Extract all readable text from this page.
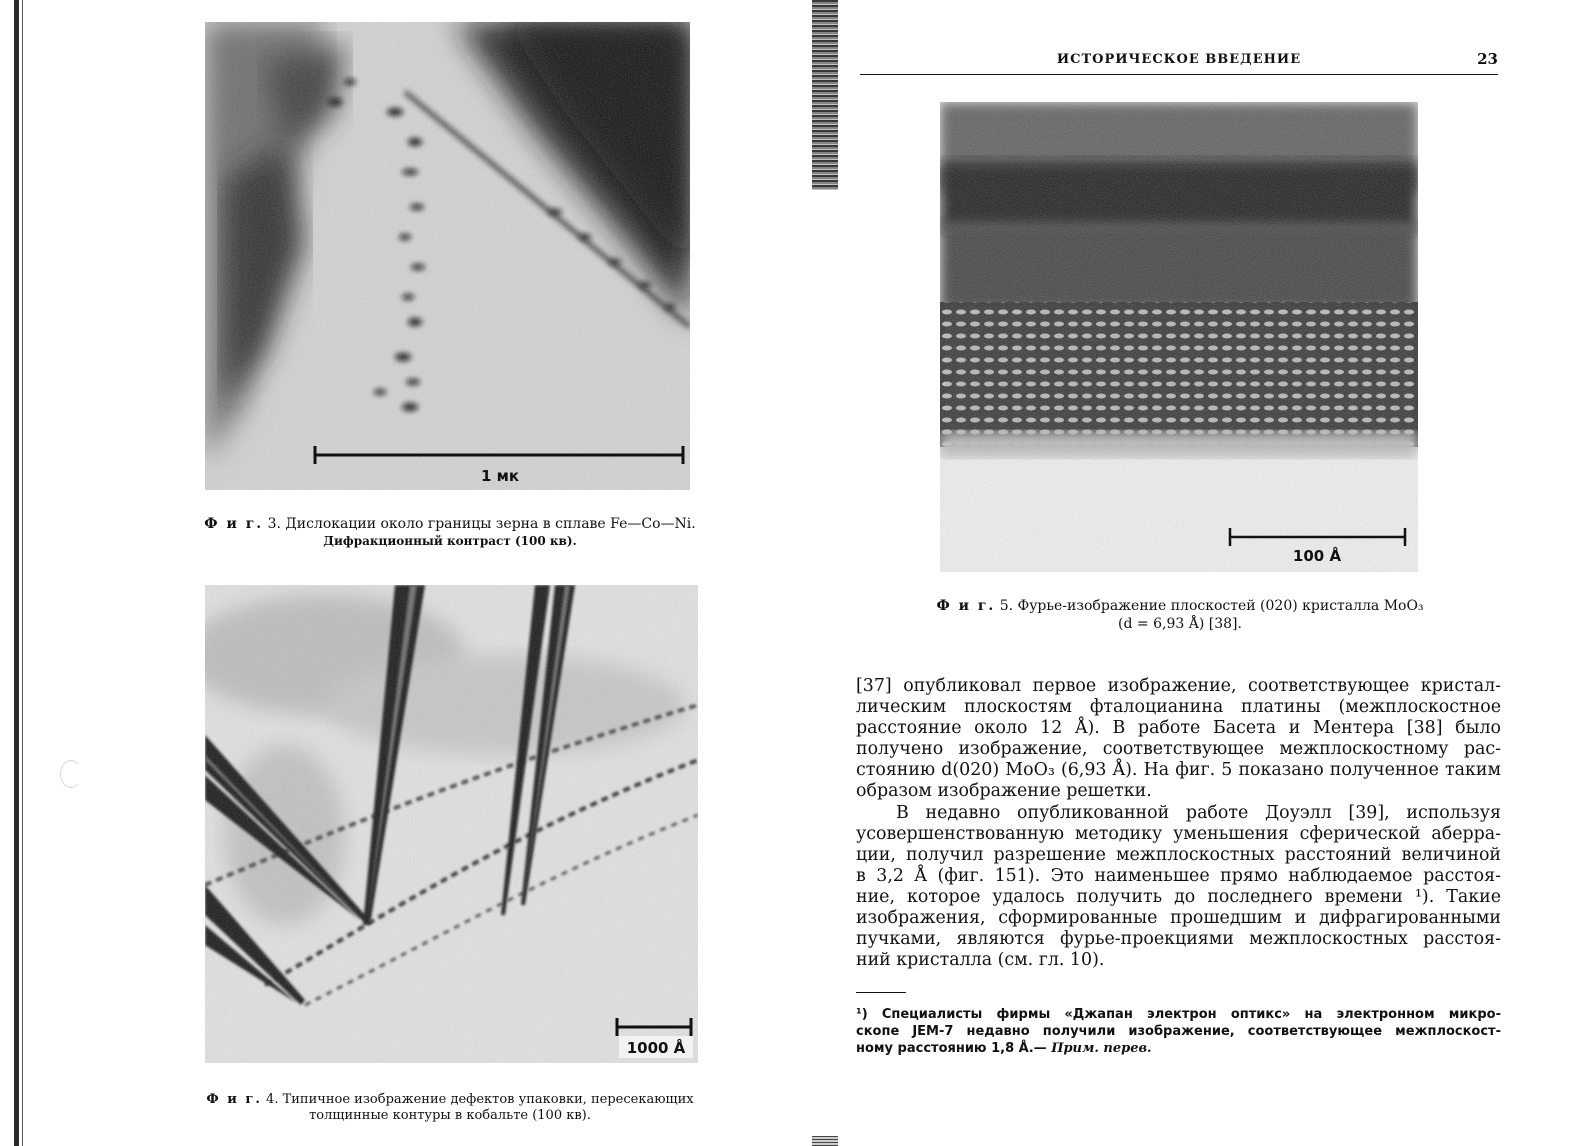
1 мк
Ф и г. 3. Дислокации около границы зерна в сплаве Fe—Co—Ni.
Дифракционный контраст (100 кв).
1000 Å
Ф и г. 4. Типичное изображение дефектов упаковки, пересекающих
толщинные контуры в кобальте (100 кв).
ИСТОРИЧЕСКОЕ ВВЕДЕНИЕ	23
100 Å
Ф и г. 5. Фурье-изображение плоскостей (020) кристалла MoO₃
(d = 6,93 Å) [38].

[37] опубликовал первое изображение, соответствующее кристал-
лическим плоскостям фталоцианина платины (межплоскостное
расстояние около 12 Å). В работе Басета и Ментера [38] было
получено изображение, соответствующее межплоскостному рас-
стоянию d(020) MoO₃ (6,93 Å). На фиг. 5 показано полученное таким
образом изображение решетки.

В недавно опубликованной работе Доуэлл [39], используя
усовершенствованную методику уменьшения сферической аберра-
ции, получил разрешение межплоскостных расстояний величиной
в 3,2 Å (фиг. 151). Это наименьшее прямо наблюдаемое расстоя-
ние, которое удалось получить до последнего времени ¹). Такие
изображения, сформированные прошедшим и дифрагированными
пучками, являются фурье-проекциями межплоскостных расстоя-
ний кристалла (см. гл. 10).

¹) Специалисты фирмы «Джапан электрон оптикс» на электронном микро-
скопе JEM-7 недавно получили изображение, соответствующее межплоскост-
ному расстоянию 1,8 Å.— Прим. перев.
